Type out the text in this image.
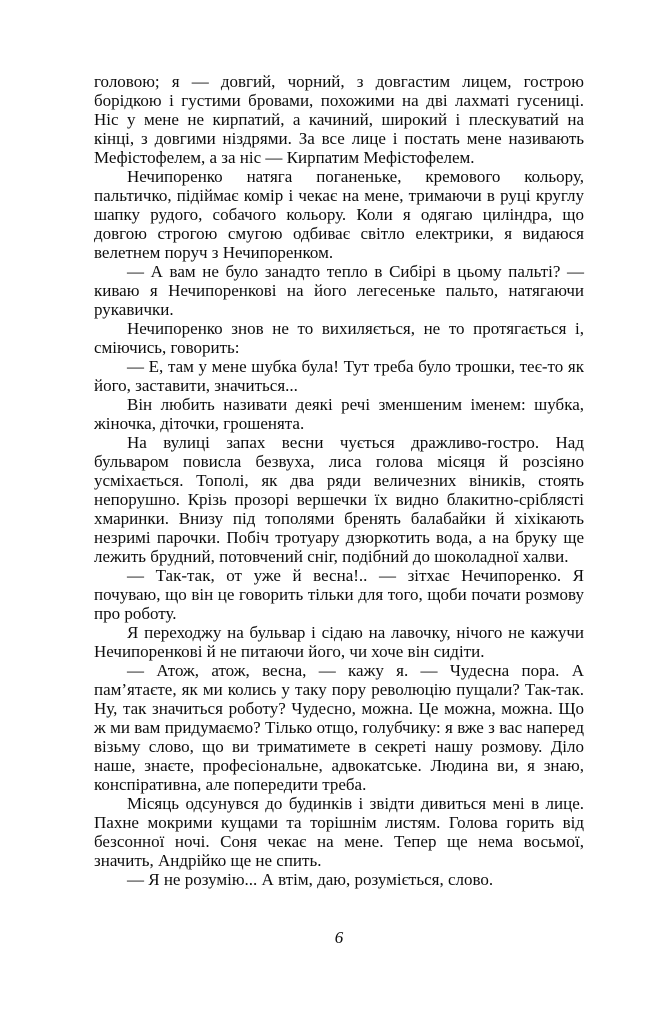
головою; я — довгий, чорний, з довгастим лицем, гострою борідкою і густими бровами, похожими на дві лахматі гусениці. Ніс у мене не кирпатий, а качиний, широкий і плескуватий на кінці, з довгими ніздрями. За все лице і постать мене називають Мефістофелем, а за ніс — Кирпатим Мефістофелем.

Нечипоренко натяга поганеньке, кремового кольору, пальтичко, підіймає комір і чекає на мене, тримаючи в руці круглу шапку рудого, собачого кольору. Коли я одягаю циліндра, що довгою строгою смугою одбиває світло електрики, я видаюся велетнем поруч з Нечипоренком.

— А вам не було занадто тепло в Сибірі в цьому пальті? — киваю я Нечипоренкові на його легесеньке пальто, натягаючи рукавички.

Нечипоренко знов не то вихиляється, не то протягається і, сміючись, говорить:

— Е, там у мене шубка була! Тут треба було трошки, теє-то як його, заставити, значиться...

Він любить називати деякі речі зменшеним іменем: шубка, жіночка, діточки, грошенята.

На вулиці запах весни чується дражливо-гостро. Над бульваром повисла безвуха, лиса голова місяця й розсіяно усміхається. Тополі, як два ряди величезних віників, стоять непорушно. Крізь прозорі вершечки їх видно блакитно-сріблясті хмаринки. Внизу під тополями бренять балабайки й хіхікають незримі парочки. Побіч тротуару дзюркотить вода, а на бруку ще лежить брудний, потовчений сніг, подібний до шоколадної халви.

— Так-так, от уже й весна!.. — зітхає Нечипоренко. Я почуваю, що він це говорить тільки для того, щоби почати розмову про роботу.

Я переходжу на бульвар і сідаю на лавочку, нічого не кажучи Нечипоренкові й не питаючи його, чи хоче він сидіти.

— Атож, атож, весна, — кажу я. — Чудесна пора. А пам’ятаєте, як ми колись у таку пору революцію пущали? Так-так. Ну, так значиться роботу? Чудесно, можна. Це можна, можна. Що ж ми вам придумаємо? Тілько отщо, голубчику: я вже з вас наперед візьму слово, що ви триматимете в секреті нашу розмову. Діло наше, знаєте, професіональне, адвокатське. Людина ви, я знаю, конспіративна, але попередити треба.

Місяць одсунувся до будинків і звідти дивиться мені в лице. Пахне мокрими кущами та торішнім листям. Голова горить від безсонної ночі. Соня чекає на мене. Тепер ще нема восьмої, значить, Андрійко ще не спить.

— Я не розумію... А втім, даю, розуміється, слово.

6
